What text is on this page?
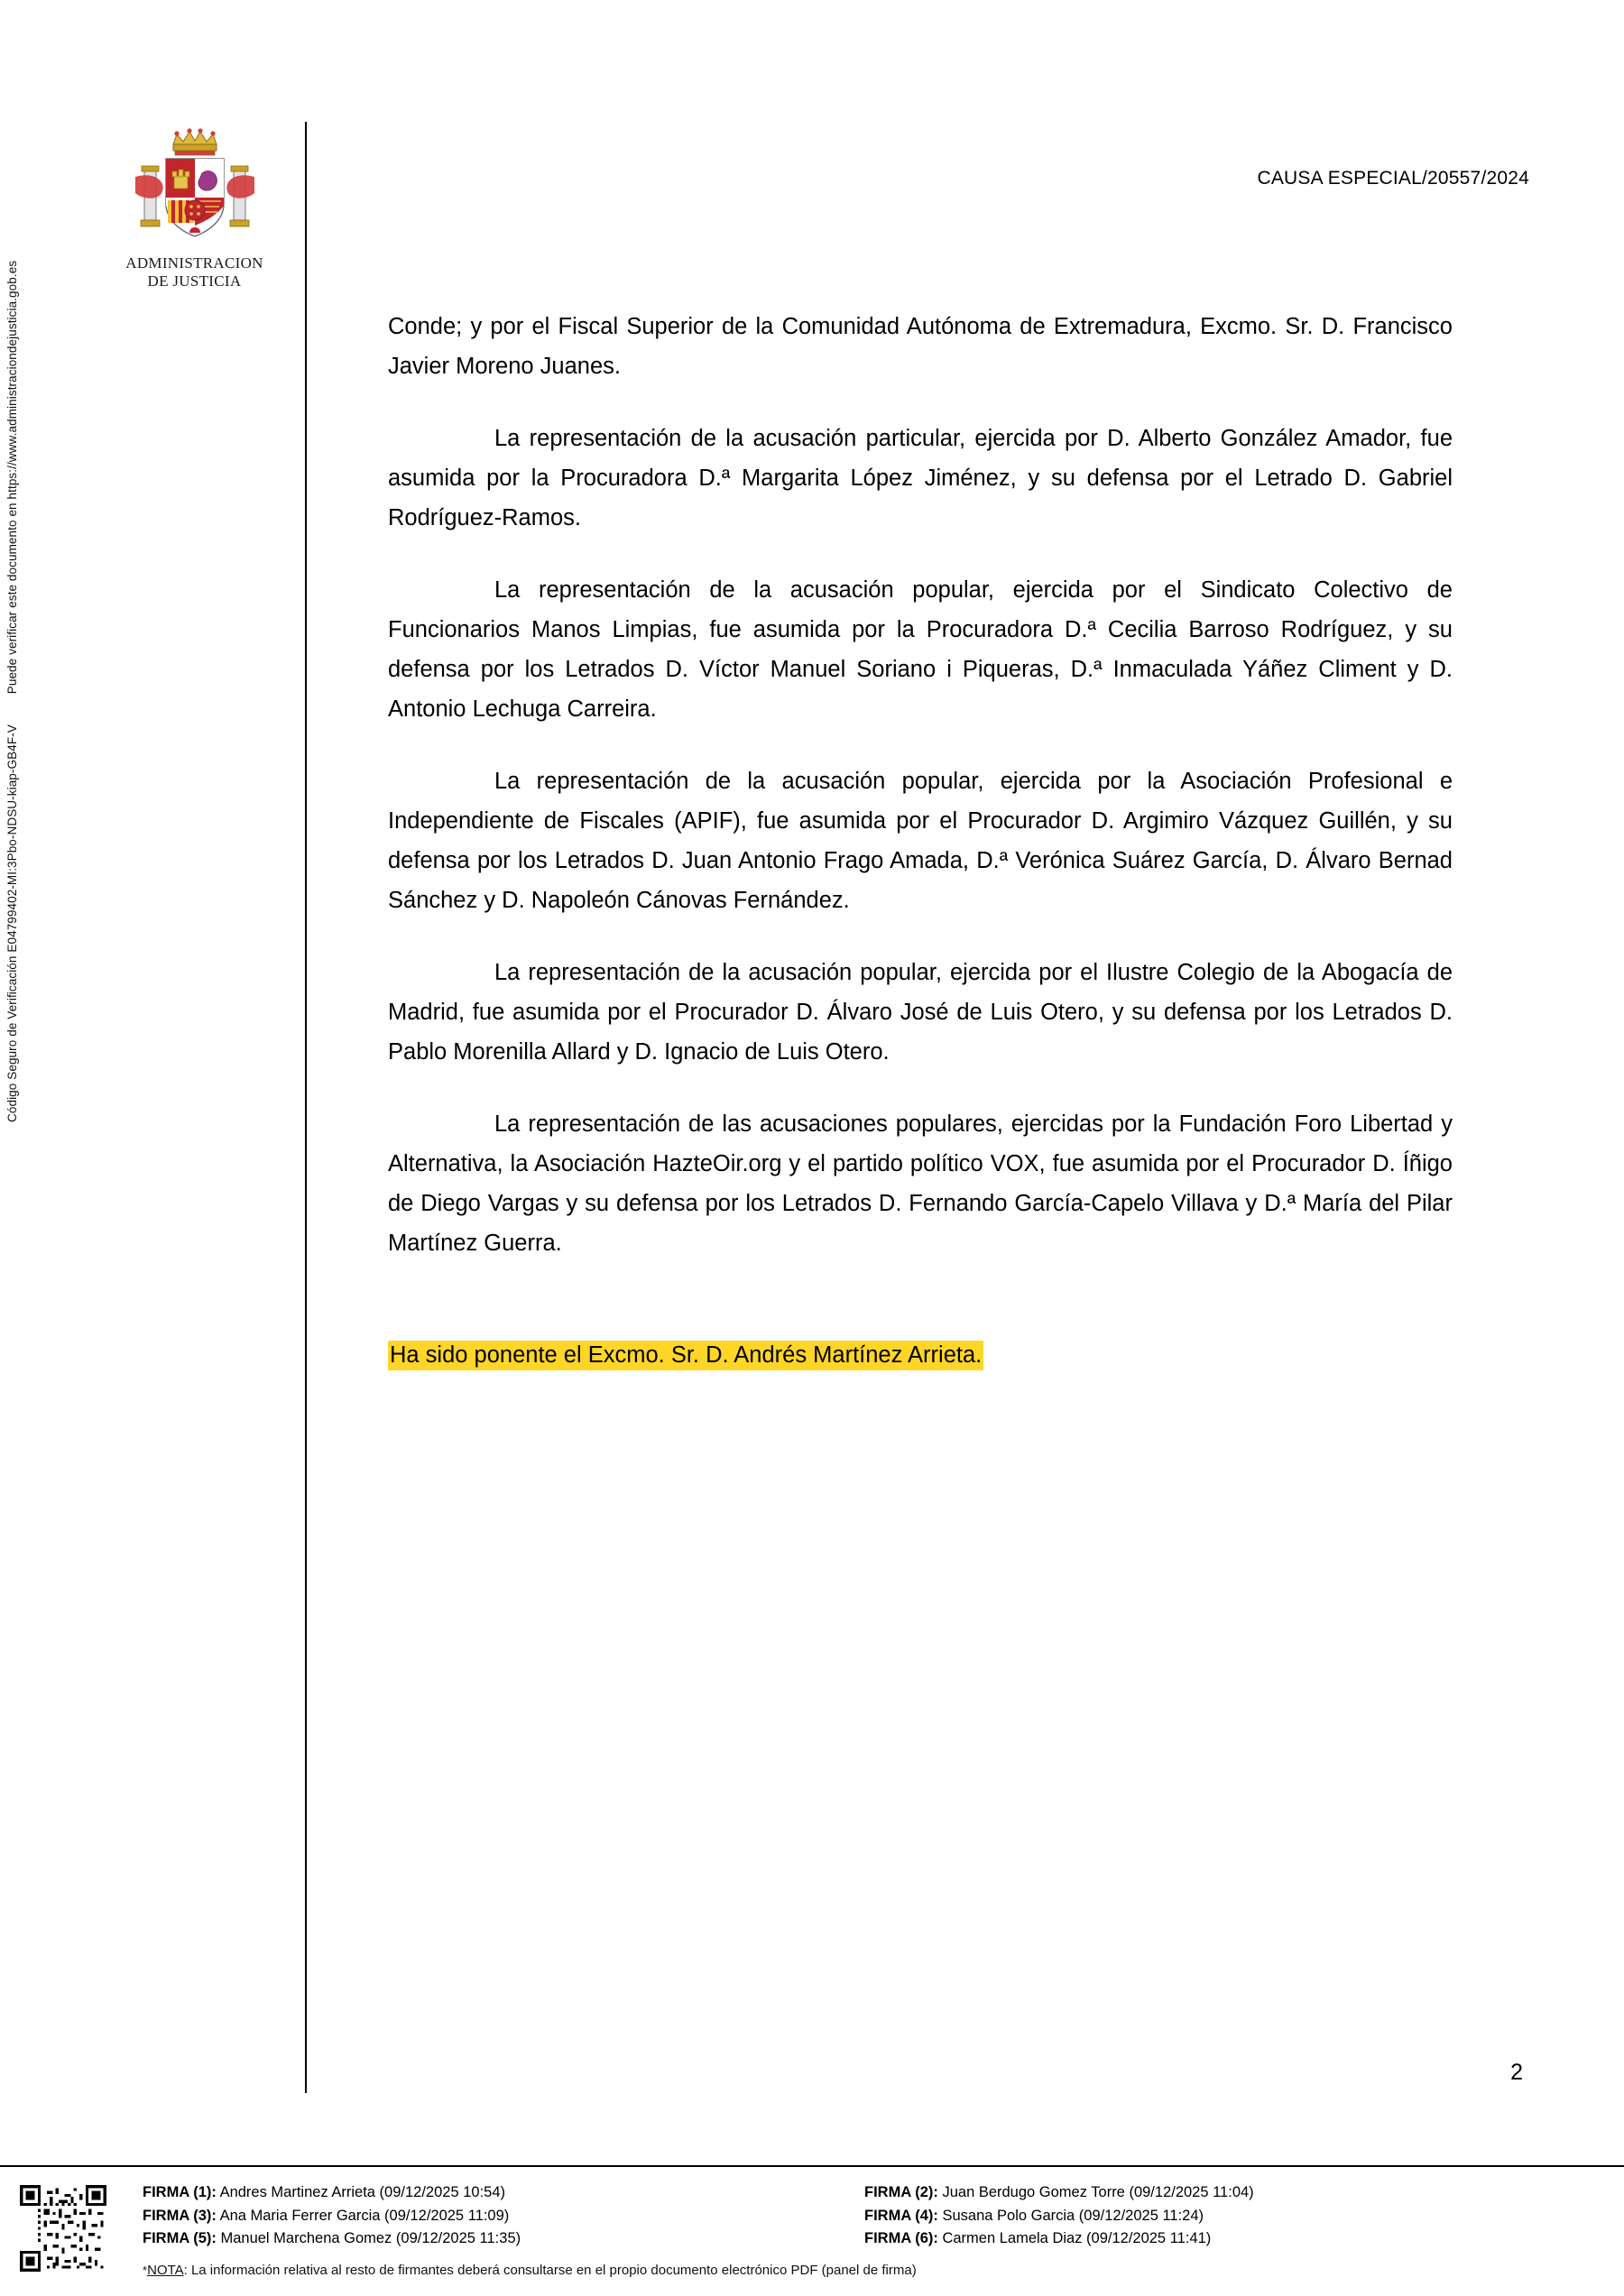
CAUSA ESPECIAL/20557/2024
ADMINISTRACION
DE JUSTICIA
Código Seguro de Verificación E04799402-MI:3Pbo-NDSU-kiap-GB4F-V Puede verificar este documento en https://www.administraciondejusticia.gob.es	Conde; y por el Fiscal Superior de la Comunidad Autónoma de Extremadura, Excmo. Sr. D. Francisco Javier Moreno Juanes.

La representación de la acusación particular, ejercida por D. Alberto González Amador, fue asumida por la Procuradora D.ª Margarita López Jiménez, y su defensa por el Letrado D. Gabriel Rodríguez-Ramos.

La representación de la acusación popular, ejercida por el Sindicato Colectivo de Funcionarios Manos Limpias, fue asumida por la Procuradora D.ª Cecilia Barroso Rodríguez, y su defensa por los Letrados D. Víctor Manuel Soriano i Piqueras, D.ª Inmaculada Yáñez Climent y D. Antonio Lechuga Carreira.

La representación de la acusación popular, ejercida por la Asociación Profesional e Independiente de Fiscales (APIF), fue asumida por el Procurador D. Argimiro Vázquez Guillén, y su defensa por los Letrados D. Juan Antonio Frago Amada, D.ª Verónica Suárez García, D. Álvaro Bernad Sánchez y D. Napoleón Cánovas Fernández.

La representación de la acusación popular, ejercida por el Ilustre Colegio de la Abogacía de Madrid, fue asumida por el Procurador D. Álvaro José de Luis Otero, y su defensa por los Letrados D. Pablo Morenilla Allard y D. Ignacio de Luis Otero.

La representación de las acusaciones populares, ejercidas por la Fundación Foro Libertad y Alternativa, la Asociación HazteOir.org y el partido político VOX, fue asumida por el Procurador D. Íñigo de Diego Vargas y su defensa por los Letrados D. Fernando García-Capelo Villava y D.ª María del Pilar Martínez Guerra.

Ha sido ponente el Excmo. Sr. D. Andrés Martínez Arrieta.

2
FIRMA (1): Andres Martinez Arrieta (09/12/2025 10:54)	FIRMA (2): Juan Berdugo Gomez Torre (09/12/2025 11:04)
FIRMA (3): Ana Maria Ferrer Garcia (09/12/2025 11:09)	FIRMA (4): Susana Polo Garcia (09/12/2025 11:24)
FIRMA (5): Manuel Marchena Gomez (09/12/2025 11:35)	FIRMA (6): Carmen Lamela Diaz (09/12/2025 11:41)
*NOTA: La información relativa al resto de firmantes deberá consultarse en el propio documento electrónico PDF (panel de firma)
